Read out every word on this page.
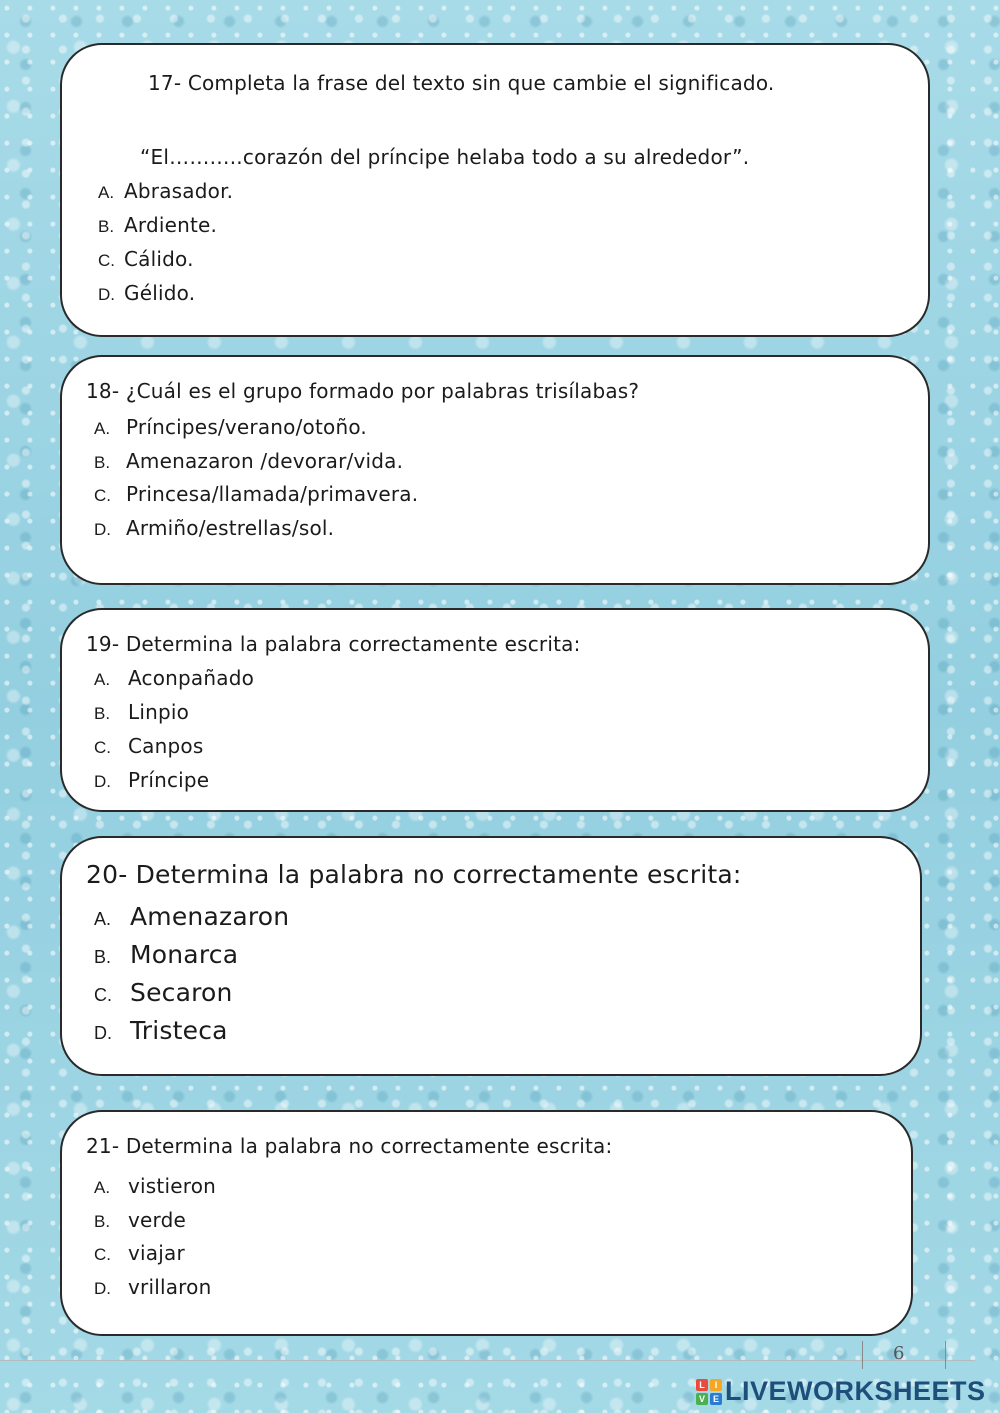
17- Completa la frase del texto sin que cambie el significado.

“El………..corazón del príncipe helaba todo a su alrededor”.

A. Abrasador.
B. Ardiente.
C. Cálido.
D. Gélido.

18- ¿Cuál es el grupo formado por palabras trisílabas?

A. Príncipes/verano/otoño.
B. Amenazaron /devorar/vida.
C. Princesa/llamada/primavera.
D. Armiño/estrellas/sol.

19- Determina la palabra correctamente escrita:

A. Aconpañado
B. Linpio
C. Canpos
D. Príncipe

20- Determina la palabra no correctamente escrita:

A. Amenazaron
B. Monarca
C. Secaron
D. Tristeca

21- Determina la palabra no correctamente escrita:

A. vistieron
B. verde
C. viajar
D. vrillaron
6
L	I
V E LIVEWORKSHEETS
